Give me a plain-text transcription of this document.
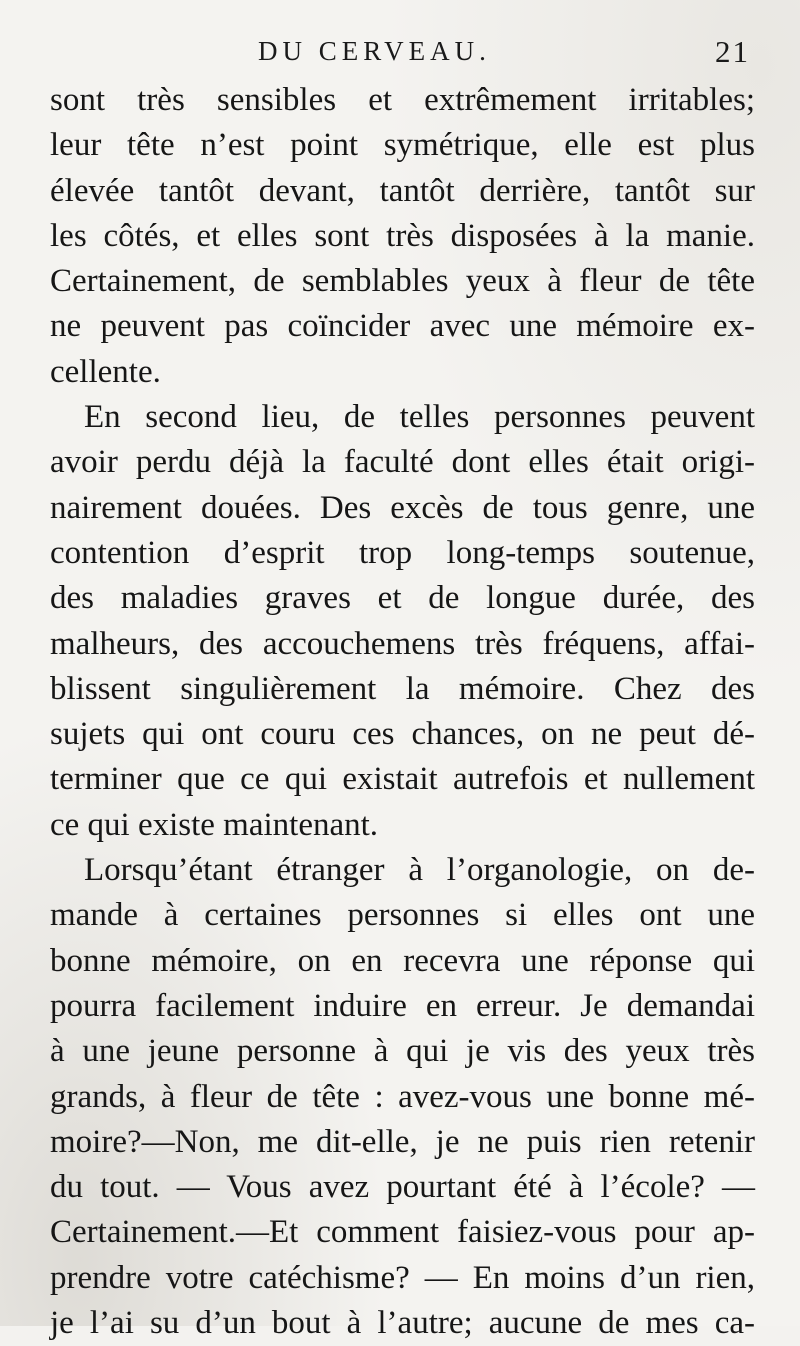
DU CERVEAU.	21
sont très sensibles et extrêmement irritables;
leur tête n’est point symétrique, elle est plus
élevée tantôt devant, tantôt derrière, tantôt sur
les côtés, et elles sont très disposées à la manie.
Certainement, de semblables yeux à fleur de tête
ne peuvent pas coïncider avec une mémoire ex-
cellente.
En second lieu, de telles personnes peuvent
avoir perdu déjà la faculté dont elles était origi-
nairement douées. Des excès de tous genre, une
contention d’esprit trop long-temps soutenue,
des maladies graves et de longue durée, des
malheurs, des accouchemens très fréquens, affai-
blissent singulièrement la mémoire. Chez des
sujets qui ont couru ces chances, on ne peut dé-
terminer que ce qui existait autrefois et nullement
ce qui existe maintenant.
Lorsqu’étant étranger à l’organologie, on de-
mande à certaines personnes si elles ont une
bonne mémoire, on en recevra une réponse qui
pourra facilement induire en erreur. Je demandai
à une jeune personne à qui je vis des yeux très
grands, à fleur de tête : avez-vous une bonne mé-
moire?—Non, me dit-elle, je ne puis rien retenir
du tout. — Vous avez pourtant été à l’école? —
Certainement.—Et comment faisiez-vous pour ap-
prendre votre catéchisme? — En moins d’un rien,
je l’ai su d’un bout à l’autre; aucune de mes ca-
